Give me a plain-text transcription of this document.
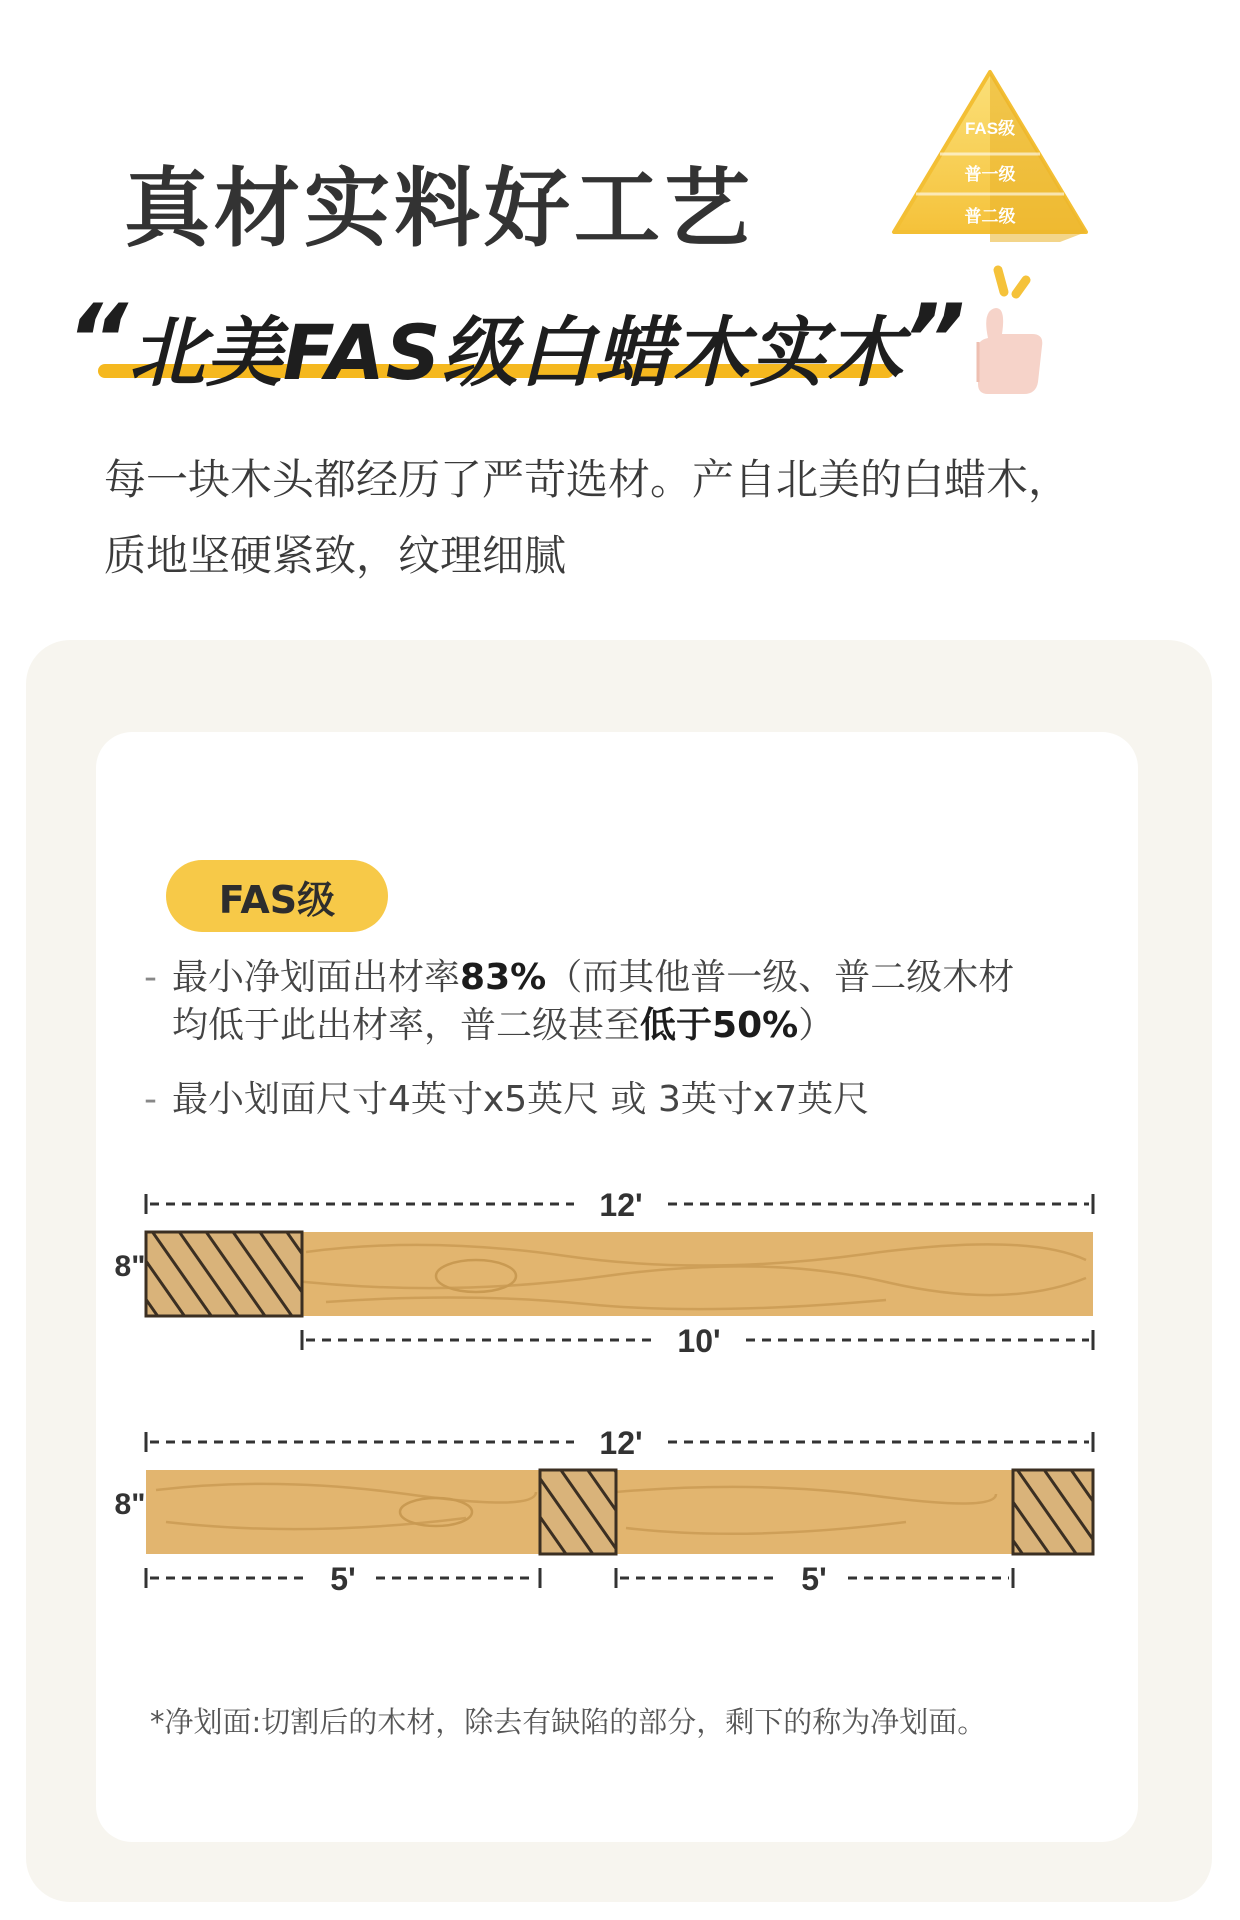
真材实料好工艺
“北美FAS级白蜡木实木”

每一块木头都经历了严苛选材。产自北美的白蜡木，
质地坚硬紧致，纹理细腻

FAS级
普一级
普二级
FAS级

- 最小净划面出材率83%（而其他普一级、普二级木材
均低于此出材率，普二级甚至低于50%）

- 最小划面尺寸4英寸x5英尺 或 3英寸x7英尺

12'
8"
10'
12'
8"
5'	5'

*净划面:切割后的木材，除去有缺陷的部分，剩下的称为净划面。
